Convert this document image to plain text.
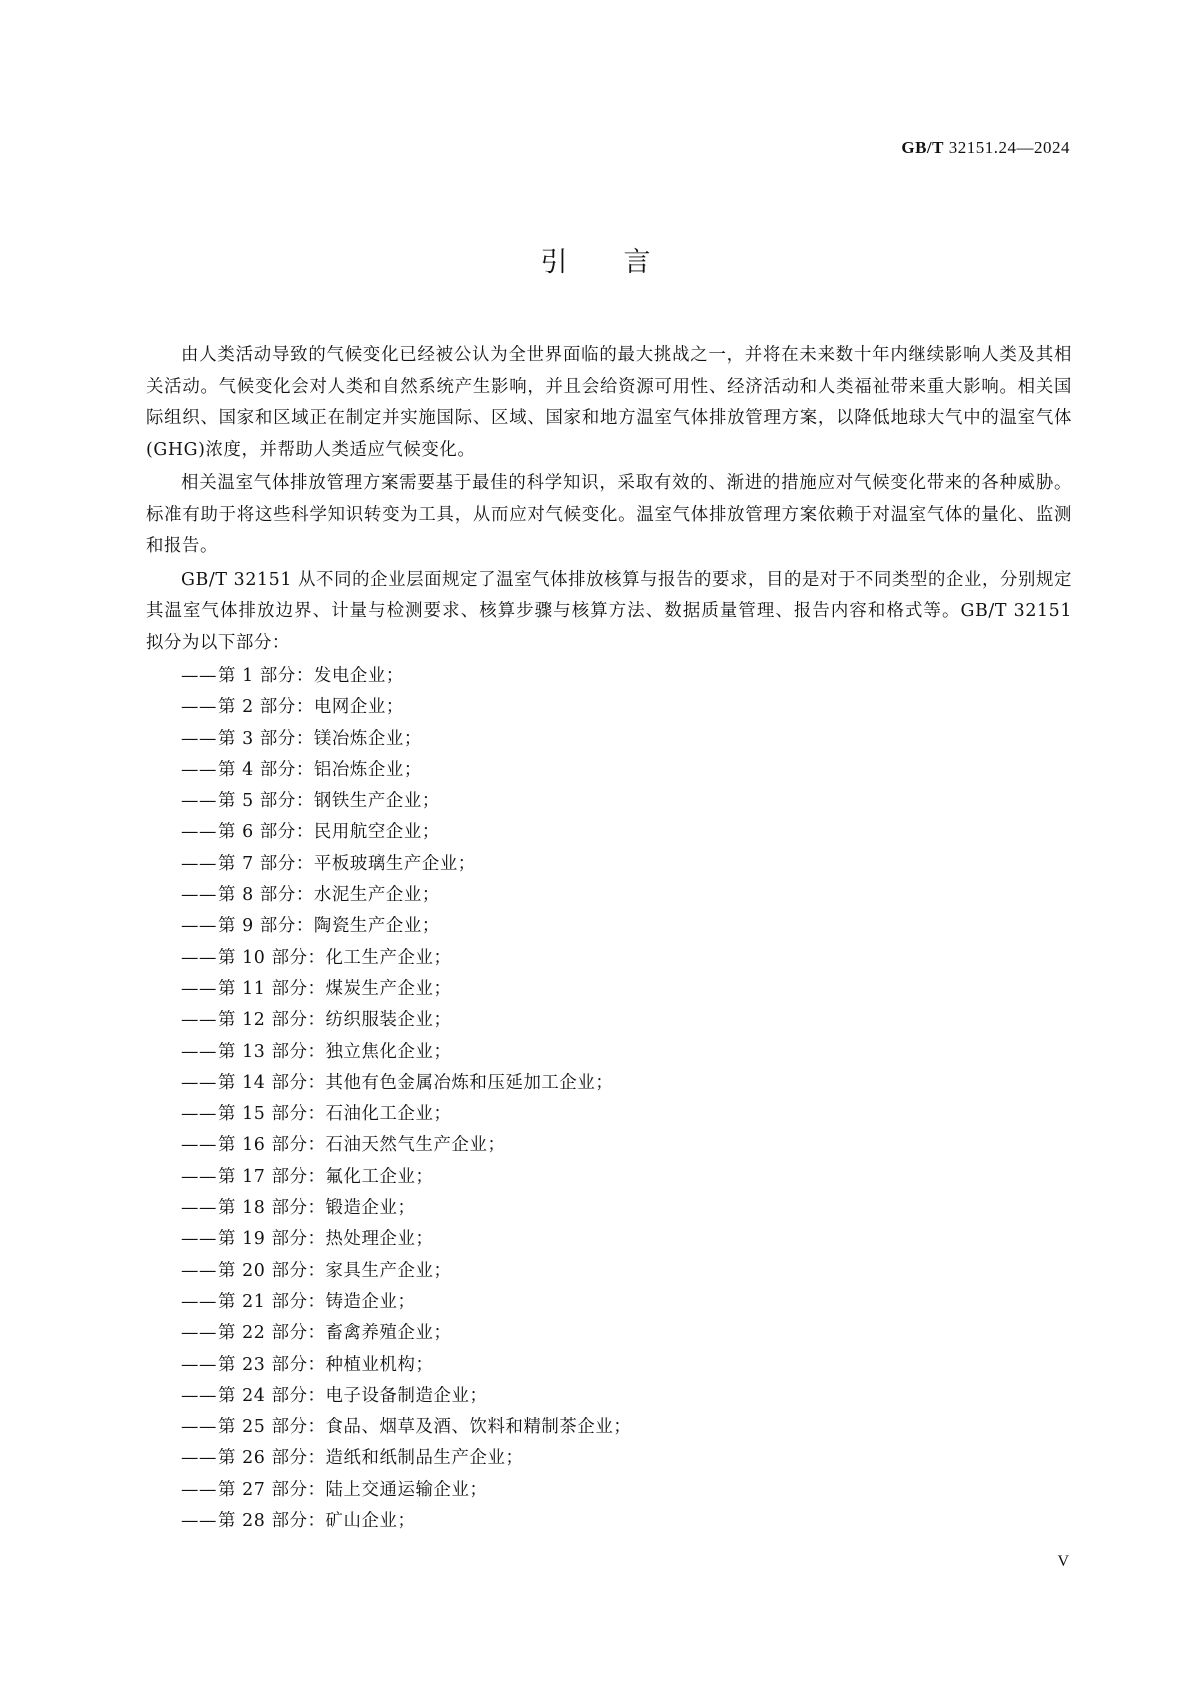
GB/T 32151.24—2024
引言

由人类活动导致的气候变化已经被公认为全世界面临的最大挑战之一，并将在未来数十年内继续影响人类及其相关活动。气候变化会对人类和自然系统产生影响，并且会给资源可用性、经济活动和人类福祉带来重大影响。相关国际组织、国家和区域正在制定并实施国际、区域、国家和地方温室气体排放管理方案，以降低地球大气中的温室气体(GHG)浓度，并帮助人类适应气候变化。

相关温室气体排放管理方案需要基于最佳的科学知识，采取有效的、渐进的措施应对气候变化带来的各种威胁。标准有助于将这些科学知识转变为工具，从而应对气候变化。温室气体排放管理方案依赖于对温室气体的量化、监测和报告。

GB/T 32151 从不同的企业层面规定了温室气体排放核算与报告的要求，目的是对于不同类型的企业，分别规定其温室气体排放边界、计量与检测要求、核算步骤与核算方法、数据质量管理、报告内容和格式等。GB/T 32151 拟分为以下部分：

——第 1 部分：发电企业；
——第 2 部分：电网企业；
——第 3 部分：镁冶炼企业；
——第 4 部分：铝冶炼企业；
——第 5 部分：钢铁生产企业；
——第 6 部分：民用航空企业；
——第 7 部分：平板玻璃生产企业；
——第 8 部分：水泥生产企业；
——第 9 部分：陶瓷生产企业；
——第 10 部分：化工生产企业；
——第 11 部分：煤炭生产企业；
——第 12 部分：纺织服装企业；
——第 13 部分：独立焦化企业；
——第 14 部分：其他有色金属冶炼和压延加工企业；
——第 15 部分：石油化工企业；
——第 16 部分：石油天然气生产企业；
——第 17 部分：氟化工企业；
——第 18 部分：锻造企业；
——第 19 部分：热处理企业；
——第 20 部分：家具生产企业；
——第 21 部分：铸造企业；
——第 22 部分：畜禽养殖企业；
——第 23 部分：种植业机构；
——第 24 部分：电子设备制造企业；
——第 25 部分：食品、烟草及酒、饮料和精制茶企业；
——第 26 部分：造纸和纸制品生产企业；
——第 27 部分：陆上交通运输企业；
——第 28 部分：矿山企业；
V
